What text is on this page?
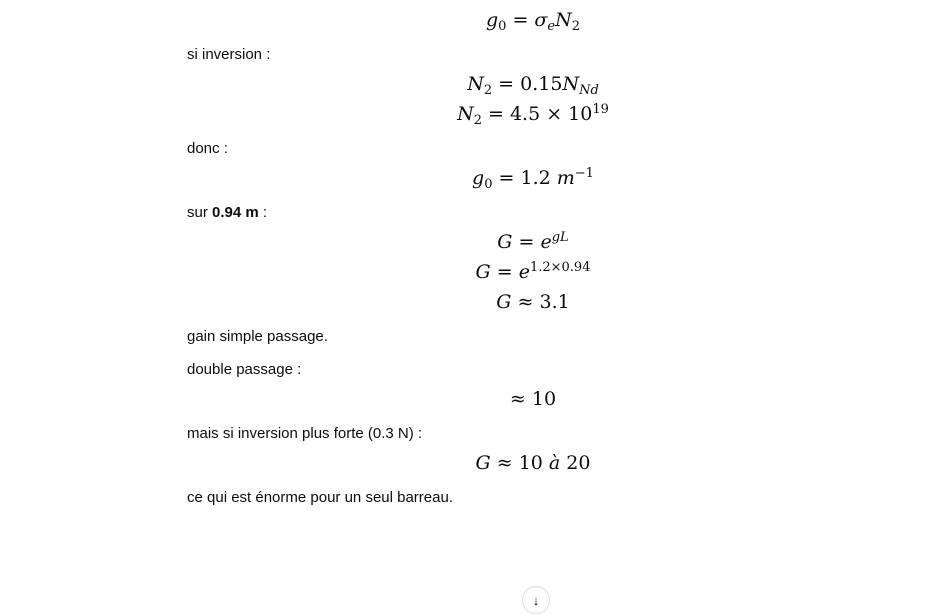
$g_0 = \sigma_eN_2$
si inversion :
$N_2 = 0.15N_{Nd}$
$N_2 = 4.5 \times 10^{19}$
donc :
$g_0 = 1.2$ $m^{-1}$
sur 0.94 m :
$G = e^{gL}$
$G = e^{1.2\times 0.94}$
G ≈ 3.1
gain simple passage.
double passage :
≈ 10
mais si inversion plus forte (0.3 N) :
G ≈ 10 à 20
ce qui est énorme pour un seul barreau.
↓
